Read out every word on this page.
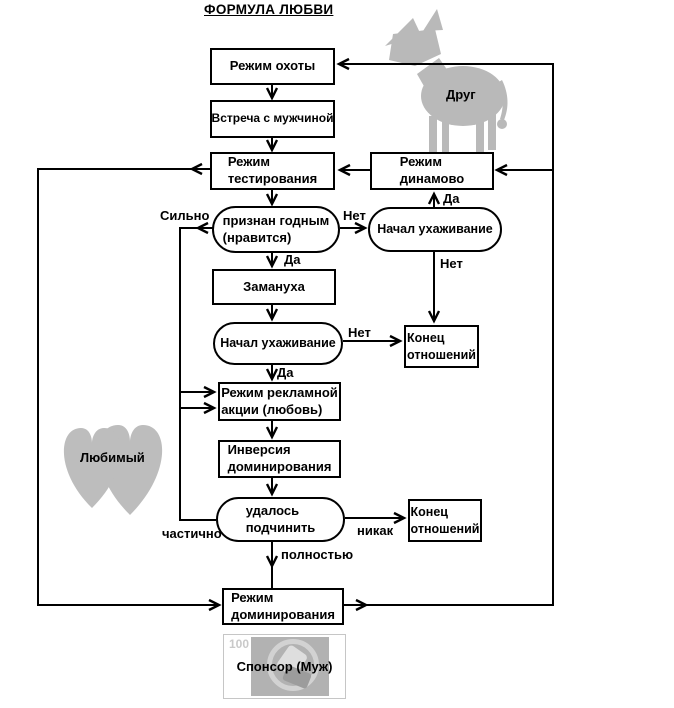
100
Спонсор (Муж)
ФОРМУЛА ЛЮБВИ
Режим охоты
Встреча с мужчиной
Режим
тестирования
Режим
динамово
признан годным
(нравится)
Замануха
Начал ухаживание
Начал ухаживание
Режим рекламной
акции (любовь)
Инверсия
доминирования
удалось
подчинить
Режим
доминирования
Конец
отношений
Конец
отношений
Сильно	Нет
Да
Да
Нет
Нет
Да
частично	никак
полностью
Друг
Любимый
